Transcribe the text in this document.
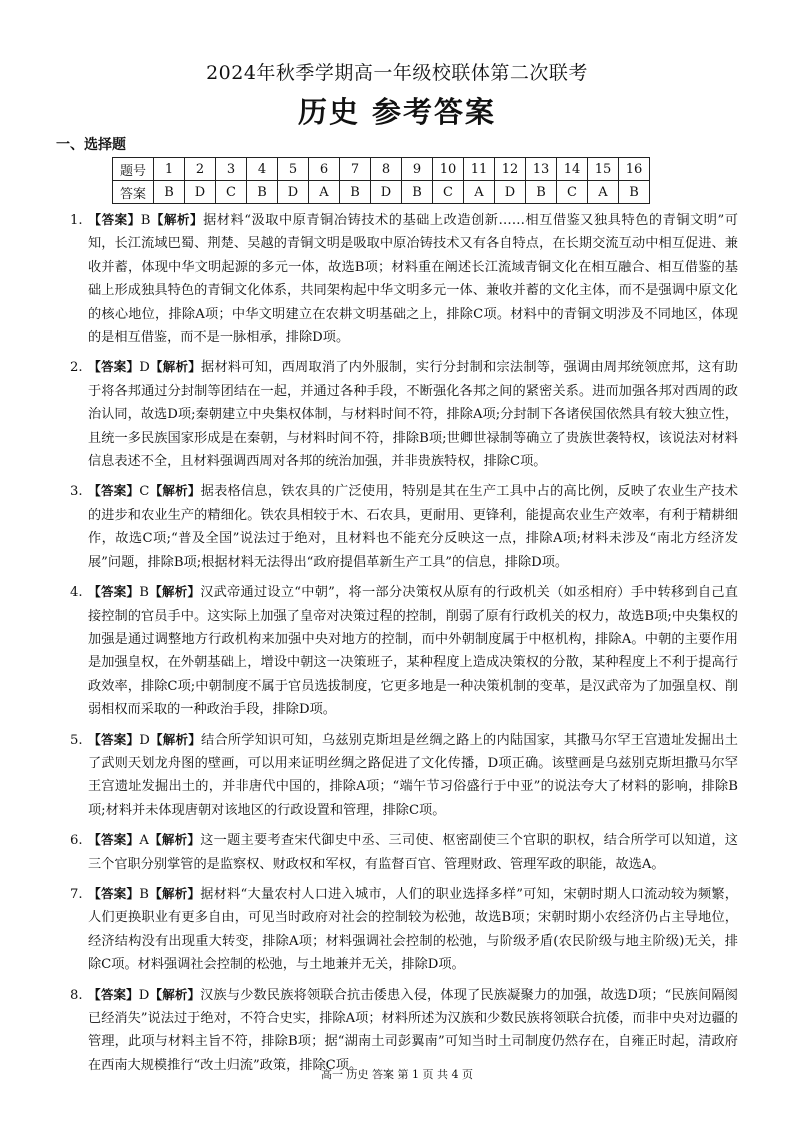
2024年秋季学期高一年级校联体第二次联考
历史 参考答案
一、选择题
题号	1	2	3	4	5	6	7	8	9	10	11	12	13	14	15	16
答案	B	D	C	B	D	A	B	D	B	C	A	D	B	C	A	B

1. 【答案】B【解析】据材料“汲取中原青铜冶铸技术的基础上改造创新……相互借鉴又独具特色的青铜文明”可知，长江流域巴蜀、荆楚、吴越的青铜文明是吸取中原冶铸技术又有各自特点，在长期交流互动中相互促进、兼收并蓄，体现中华文明起源的多元一体，故选B项；材料重在阐述长江流域青铜文化在相互融合、相互借鉴的基础上形成独具特色的青铜文化体系，共同架构起中华文明多元一体、兼收并蓄的文化主体，而不是强调中原文化的核心地位，排除A项；中华文明建立在农耕文明基础之上，排除C项。材料中的青铜文明涉及不同地区，体现的是相互借鉴，而不是一脉相承，排除D项。

2. 【答案】D【解析】据材料可知，西周取消了内外服制，实行分封制和宗法制等，强调由周邦统领庶邦，这有助于将各邦通过分封制等团结在一起，并通过各种手段，不断强化各邦之间的紧密关系。进而加强各邦对西周的政治认同，故选D项;秦朝建立中央集权体制，与材料时间不符，排除A项;分封制下各诸侯国依然具有较大独立性，且统一多民族国家形成是在秦朝，与材料时间不符，排除B项;世卿世禄制等确立了贵族世袭特权，该说法对材料信息表述不全，且材料强调西周对各邦的统治加强，并非贵族特权，排除C项。

3. 【答案】C【解析】据表格信息，铁农具的广泛使用，特别是其在生产工具中占的高比例，反映了农业生产技术的进步和农业生产的精细化。铁农具相较于木、石农具，更耐用、更锋利，能提高农业生产效率，有利于精耕细作，故选C项;“普及全国”说法过于绝对，且材料也不能充分反映这一点，排除A项;材料未涉及“南北方经济发展”问题，排除B项;根据材料无法得出“政府提倡革新生产工具”的信息，排除D项。

4. 【答案】B【解析】汉武帝通过设立“中朝”，将一部分决策权从原有的行政机关（如丞相府）手中转移到自己直接控制的官员手中。这实际上加强了皇帝对决策过程的控制，削弱了原有行政机关的权力，故选B项;中央集权的加强是通过调整地方行政机构来加强中央对地方的控制，而中外朝制度属于中枢机构，排除A。中朝的主要作用是加强皇权，在外朝基础上，增设中朝这一决策班子，某种程度上造成决策权的分散，某种程度上不利于提高行政效率，排除C项;中朝制度不属于官员选拔制度，它更多地是一种决策机制的变革，是汉武帝为了加强皇权、削弱相权而采取的一种政治手段，排除D项。

5. 【答案】D【解析】结合所学知识可知，乌兹别克斯坦是丝绸之路上的内陆国家，其撒马尔罕王宫遗址发掘出土了武则天划龙舟图的壁画，可以用来证明丝绸之路促进了文化传播，D项正确。该壁画是乌兹别克斯坦撒马尔罕王宫遗址发掘出土的，并非唐代中国的，排除A项；“端午节习俗盛行于中亚”的说法夸大了材料的影响，排除B项;材料并未体现唐朝对该地区的行政设置和管理，排除C项。

6. 【答案】A【解析】这一题主要考查宋代御史中丞、三司使、枢密副使三个官职的职权，结合所学可以知道，这三个官职分别掌管的是监察权、财政权和军权，有监督百官、管理财政、管理军政的职能，故选A。

7. 【答案】B【解析】据材料“大量农村人口进入城市，人们的职业选择多样”可知，宋朝时期人口流动较为频繁，人们更换职业有更多自由，可见当时政府对社会的控制较为松弛，故选B项；宋朝时期小农经济仍占主导地位，经济结构没有出现重大转变，排除A项；材料强调社会控制的松弛，与阶级矛盾(农民阶级与地主阶级)无关，排除C项。材料强调社会控制的松弛，与土地兼并无关，排除D项。

8. 【答案】D【解析】汉族与少数民族将领联合抗击倭患入侵，体现了民族凝聚力的加强，故选D项；“民族间隔阂已经消失”说法过于绝对，不符合史实，排除A项；材料所述为汉族和少数民族将领联合抗倭，而非中央对边疆的管理，此项与材料主旨不符，排除B项；据“湖南土司彭翼南”可知当时土司制度仍然存在，自雍正时起，清政府在西南大规模推行“改土归流”政策，排除C项。

高一 历史 答案 第 1 页 共 4 页
